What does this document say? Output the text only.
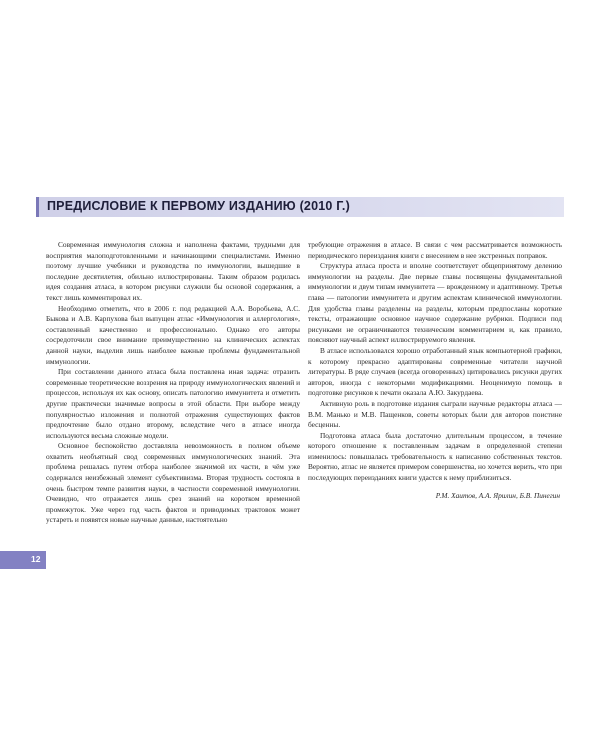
ПРЕДИСЛОВИЕ К ПЕРВОМУ ИЗДАНИЮ (2010 Г.)

Современная иммунология сложна и наполнена фактами, трудными для восприятия малоподготовленными и начинающими специалистами. Именно поэтому лучшие учебники и руководства по иммунологии, вышедшие в последние десятилетия, обильно иллюстрированы. Таким образом родилась идея создания атласа, в котором рисунки служили бы основой содержания, а текст лишь комментировал их.

Необходимо отметить, что в 2006 г. под редакцией А.А. Воробьева, А.С. Быкова и А.В. Карпухова был выпущен атлас «Иммунология и аллергология», составленный качественно и профессионально. Однако его авторы сосредоточили свое внимание преимущественно на клинических аспектах данной науки, выделив лишь наиболее важные проблемы фундаментальной иммунологии.

При составлении данного атласа была поставлена иная задача: отразить современные теоретические воззрения на природу иммунологических явлений и процессов, используя их как основу, описать патологию иммунитета и отметить другие практически значимые вопросы в этой области. При выборе между популярностью изложения и полнотой отражения существующих фактов предпочтение было отдано второму, вследствие чего в атласе иногда используются весьма сложные модели.

Основное беспокойство доставляла невозможность в полном объеме охватить необъятный свод современных иммунологических знаний. Эта проблема решалась путем отбора наиболее значимой их части, в чём уже содержался неизбежный элемент субъективизма. Вторая трудность состояла в очень быстром темпе развития науки, в частности современной иммунологии. Очевидно, что отражается лишь срез знаний на коротком временной промежуток. Уже через год часть фактов и приводимых трактовок может устареть и появятся новые научные данные, настоятельно

требующие отражения в атласе. В связи с чем рассматривается возможность периодического переиздания книги с внесением в нее экстренных поправок.

Структура атласа проста и вполне соответствует общепринятому делению иммунологии на разделы. Две первые главы посвящены фундаментальной иммунологии и двум типам иммунитета — врожденному и адаптивному. Третья глава — патологии иммунитета и другим аспектам клинической иммунологии. Для удобства главы разделены на разделы, которым предпосланы короткие тексты, отражающие основное научное содержание рубрики. Подписи под рисунками не ограничиваются техническим комментарием и, как правило, поясняют научный аспект иллюстрируемого явления.

В атласе использовался хорошо отработанный язык компьютерной графики, к которому прекрасно адаптированы современные читатели научной литературы. В ряде случаев (всегда оговоренных) цитировались рисунки других авторов, иногда с некоторыми модификациями. Неоценимую помощь в подготовке рисунков к печати оказала А.Ю. Закурдаева.

Активную роль в подготовке издания сыграли научные редакторы атласа — В.М. Манько и М.В. Пащенков, советы которых были для авторов поистине бесценны.

Подготовка атласа была достаточно длительным процессом, в течение которого отношение к поставленным задачам в определенной степени изменилось: повышалась требовательность к написанию собственных текстов. Вероятно, атлас не является примером совершенства, но хочется верить, что при последующих переизданиях книги удастся к нему приблизиться.

Р.М. Хаитов, А.А. Ярилин, Б.В. Пинегин

12
